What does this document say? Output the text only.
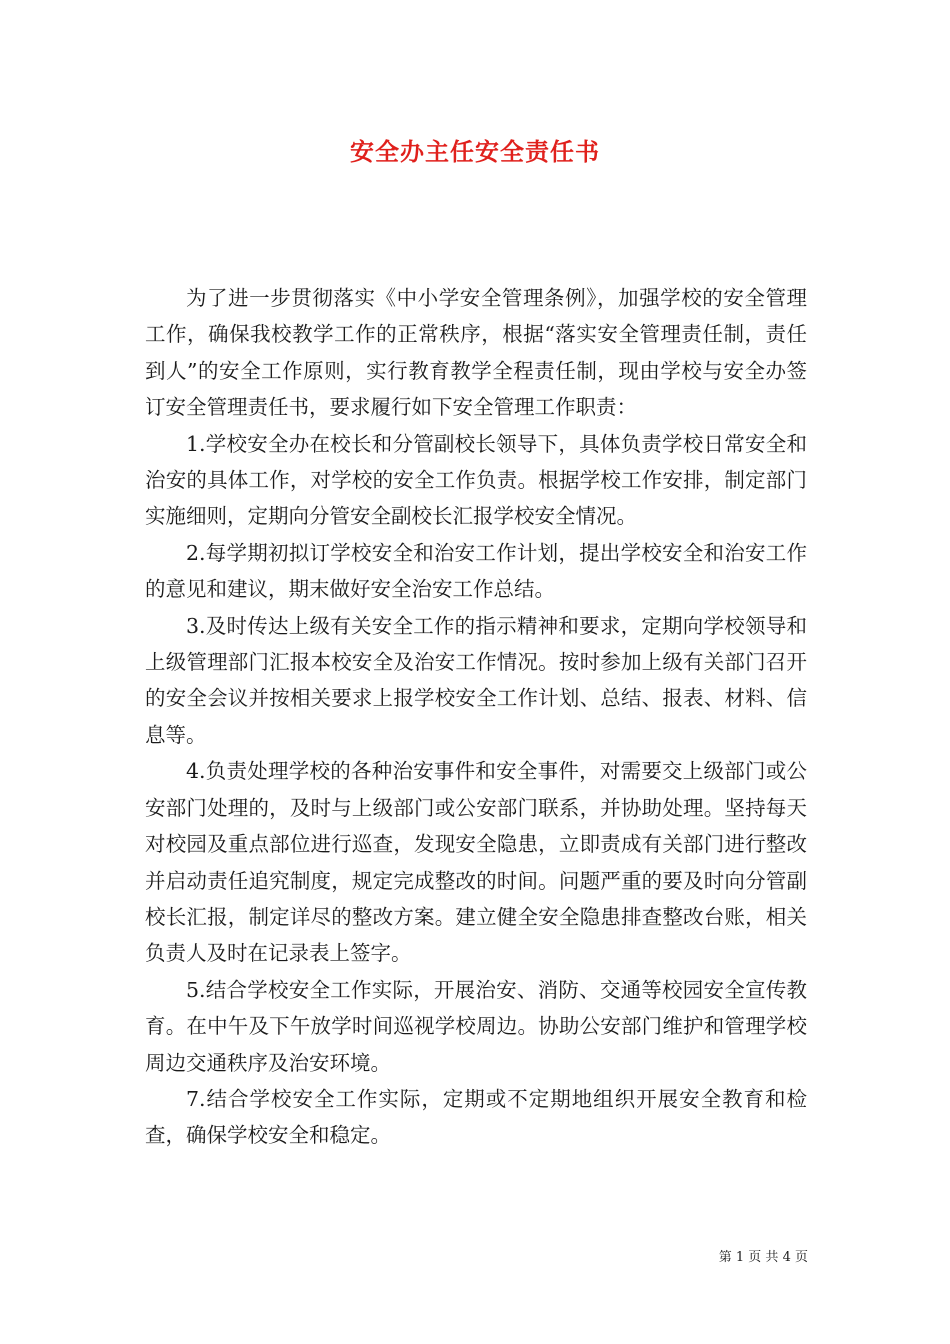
安全办主任安全责任书

为了进一步贯彻落实《中小学安全管理条例》，加强学校的安全管理工作，确保我校教学工作的正常秩序，根据“落实安全管理责任制，责任到人”的安全工作原则，实行教育教学全程责任制，现由学校与安全办签订安全管理责任书，要求履行如下安全管理工作职责：

1.学校安全办在校长和分管副校长领导下，具体负责学校日常安全和治安的具体工作，对学校的安全工作负责。根据学校工作安排，制定部门实施细则，定期向分管安全副校长汇报学校安全情况。

2.每学期初拟订学校安全和治安工作计划，提出学校安全和治安工作的意见和建议，期末做好安全治安工作总结。

3.及时传达上级有关安全工作的指示精神和要求，定期向学校领导和上级管理部门汇报本校安全及治安工作情况。按时参加上级有关部门召开的安全会议并按相关要求上报学校安全工作计划、总结、报表、材料、信息等。

4.负责处理学校的各种治安事件和安全事件，对需要交上级部门或公安部门处理的，及时与上级部门或公安部门联系，并协助处理。坚持每天对校园及重点部位进行巡查，发现安全隐患，立即责成有关部门进行整改并启动责任追究制度，规定完成整改的时间。问题严重的要及时向分管副校长汇报，制定详尽的整改方案。建立健全安全隐患排查整改台账，相关负责人及时在记录表上签字。

5.结合学校安全工作实际，开展治安、消防、交通等校园安全宣传教育。在中午及下午放学时间巡视学校周边。协助公安部门维护和管理学校周边交通秩序及治安环境。

7.结合学校安全工作实际，定期或不定期地组织开展安全教育和检查，确保学校安全和稳定。

第 1 页 共 4 页
